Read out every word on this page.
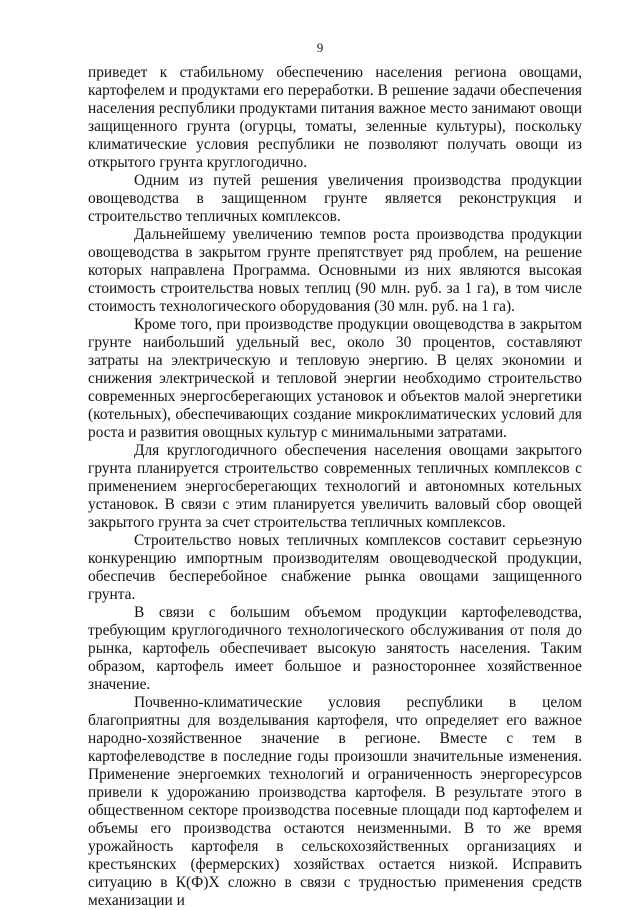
9

приведет к стабильному обеспечению населения региона овощами, картофелем и продуктами его переработки. В решение задачи обеспечения населения республики продуктами питания важное место занимают овощи защищенного грунта (огурцы, томаты, зеленные культуры), поскольку климатические условия республики не позволяют получать овощи из открытого грунта круглогодично.

Одним из путей решения увеличения производства продукции овощеводства в защищенном грунте является реконструкция и строительство тепличных комплексов.

Дальнейшему увеличению темпов роста производства продукции овощеводства в закрытом грунте препятствует ряд проблем, на решение которых направлена Программа. Основными из них являются высокая стоимость строительства новых теплиц (90 млн. руб. за 1 га), в том числе стоимость технологического оборудования (30 млн. руб. на 1 га).

Кроме того, при производстве продукции овощеводства в закрытом грунте наибольший удельный вес, около 30 процентов, составляют затраты на электрическую и тепловую энергию. В целях экономии и снижения электрической и тепловой энергии необходимо строительство современных энергосберегающих установок и объектов малой энергетики (котельных), обеспечивающих создание микроклиматических условий для роста и развития овощных культур с минимальными затратами.

Для круглогодичного обеспечения населения овощами закрытого грунта планируется строительство современных тепличных комплексов с применением энергосберегающих технологий и автономных котельных установок. В связи с этим планируется увеличить валовый сбор овощей закрытого грунта за счет строительства тепличных комплексов.

Строительство новых тепличных комплексов составит серьезную конкуренцию импортным производителям овощеводческой продукции, обеспечив бесперебойное снабжение рынка овощами защищенного грунта.

В связи с большим объемом продукции картофелеводства, требующим круглогодичного технологического обслуживания от поля до рынка, картофель обеспечивает высокую занятость населения. Таким образом, картофель имеет большое и разностороннее хозяйственное значение.

Почвенно-климатические условия республики в целом благоприятны для возделывания картофеля, что определяет его важное народно-хозяйственное значение в регионе. Вместе с тем в картофелеводстве в последние годы произошли значительные изменения. Применение энергоемких технологий и ограниченность энергоресурсов привели к удорожанию производства картофеля. В результате этого в общественном секторе производства посевные площади под картофелем и объемы его производства остаются неизменными. В то же время урожайность картофеля в сельскохозяйственных организациях и крестьянских (фермерских) хозяйствах остается низкой. Исправить ситуацию в К(Ф)Х сложно в связи с трудностью применения средств механизации и
